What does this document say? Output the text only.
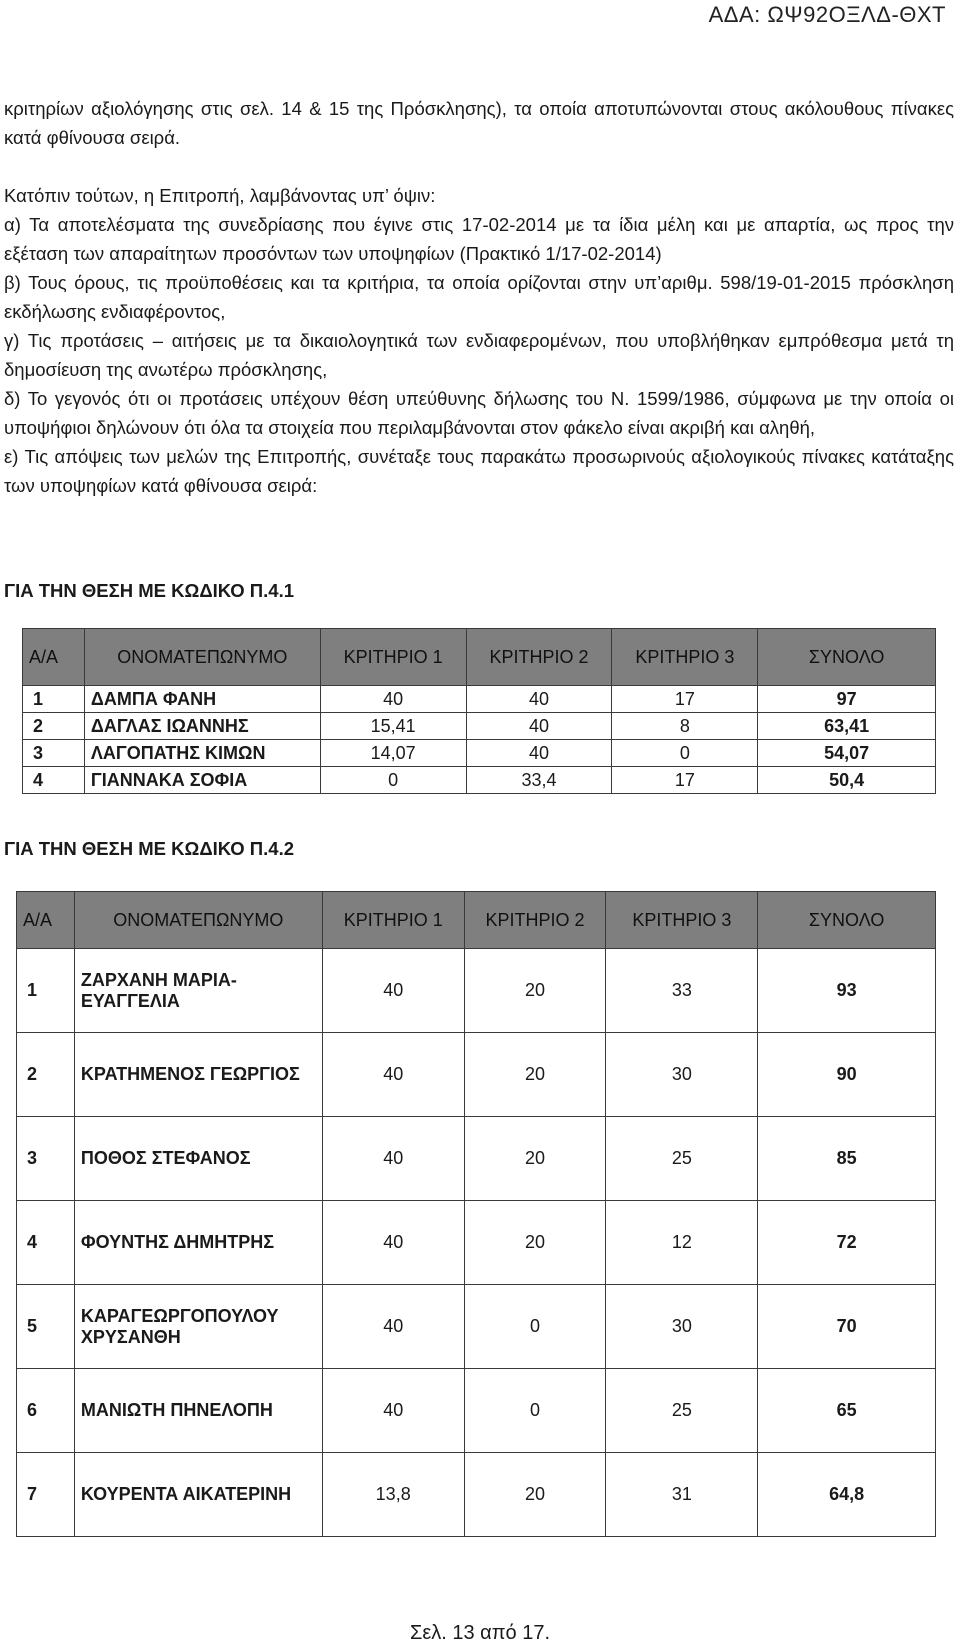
ΑΔΑ: ΩΨ92ΟΞΛΔ-ΘΧΤ

κριτηρίων αξιολόγησης στις σελ. 14 & 15 της Πρόσκλησης), τα οποία αποτυπώνονται στους ακόλουθους πίνακες κατά φθίνουσα σειρά.

Κατόπιν τούτων, η Επιτροπή, λαμβάνοντας υπ’ όψιν:

α) Τα αποτελέσματα της συνεδρίασης που έγινε στις 17-02-2014 με τα ίδια μέλη και με απαρτία, ως προς την εξέταση των απαραίτητων προσόντων των υποψηφίων (Πρακτικό 1/17-02-2014)

β) Τους όρους, τις προϋποθέσεις και τα κριτήρια, τα οποία ορίζονται στην υπ’αριθμ. 598/19-01-2015 πρόσκληση εκδήλωσης ενδιαφέροντος,

γ) Τις προτάσεις – αιτήσεις με τα δικαιολογητικά των ενδιαφερομένων, που υποβλήθηκαν εμπρόθεσμα μετά τη δημοσίευση της ανωτέρω πρόσκλησης,

δ) Το γεγονός ότι οι προτάσεις υπέχουν θέση υπεύθυνης δήλωσης του Ν. 1599/1986, σύμφωνα με την οποία οι υποψήφιοι δηλώνουν ότι όλα τα στοιχεία που περιλαμβάνονται στον φάκελο είναι ακριβή και αληθή,

ε) Τις απόψεις των μελών της Επιτροπής, συνέταξε τους παρακάτω προσωρινούς αξιολογικούς πίνακες κατάταξης των υποψηφίων κατά φθίνουσα σειρά:

ΓΙΑ ΤΗΝ ΘΕΣΗ ΜΕ ΚΩΔΙΚΟ Π.4.1
Α/Α	ΟΝΟΜΑΤΕΠΩΝΥΜΟ	ΚΡΙΤΗΡΙΟ 1	ΚΡΙΤΗΡΙΟ 2	ΚΡΙΤΗΡΙΟ 3	ΣΥΝΟΛΟ
1	ΔΑΜΠΑ ΦΑΝΗ	40	40	17	97
2	ΔΑΓΛΑΣ ΙΩΑΝΝΗΣ	15,41	40	8	63,41
3	ΛΑΓΟΠΑΤΗΣ ΚΙΜΩΝ	14,07	40	0	54,07
4	ΓΙΑΝΝΑΚΑ ΣΟΦΙΑ	0	33,4	17	50,4
ΓΙΑ ΤΗΝ ΘΕΣΗ ΜΕ ΚΩΔΙΚΟ Π.4.2
Α/Α	ΟΝΟΜΑΤΕΠΩΝΥΜΟ	ΚΡΙΤΗΡΙΟ 1	ΚΡΙΤΗΡΙΟ 2	ΚΡΙΤΗΡΙΟ 3	ΣΥΝΟΛΟ
1	ΖΑΡΧΑΝΗ ΜΑΡΙΑ-ΕΥΑΓΓΕΛΙΑ	40	20	33	93
2	ΚΡΑΤΗΜΕΝΟΣ ΓΕΩΡΓΙΟΣ	40	20	30	90
3	ΠΟΘΟΣ ΣΤΕΦΑΝΟΣ	40	20	25	85
4	ΦΟΥΝΤΗΣ ΔΗΜΗΤΡΗΣ	40	20	12	72
5	ΚΑΡΑΓΕΩΡΓΟΠΟΥΛΟΥ ΧΡΥΣΑΝΘΗ	40	0	30	70
6	ΜΑΝΙΩΤΗ ΠΗΝΕΛΟΠΗ	40	0	25	65
7	ΚΟΥΡΕΝΤΑ ΑΙΚΑΤΕΡΙΝΗ	13,8	20	31	64,8
Σελ. 13 από 17.
